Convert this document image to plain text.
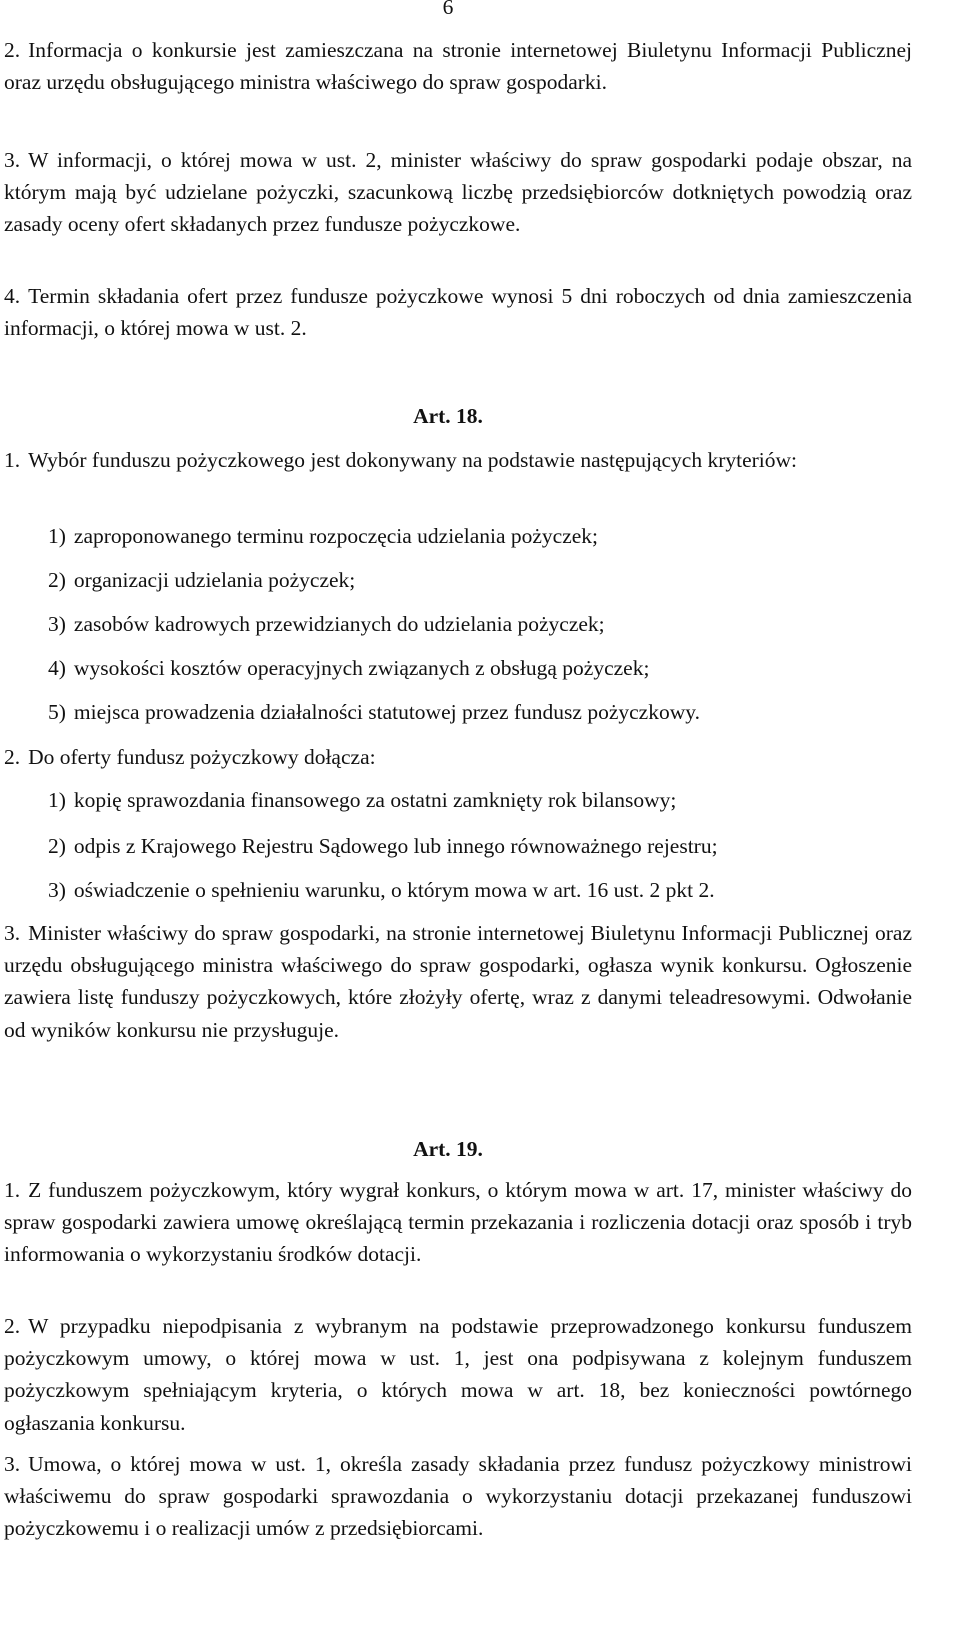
6
2. Informacja o konkursie jest zamieszczana na stronie internetowej Biuletynu Informacji Publicznej oraz urzędu obsługującego ministra właściwego do spraw gospodarki.
3. W informacji, o której mowa w ust. 2, minister właściwy do spraw gospodarki podaje obszar, na którym mają być udzielane pożyczki, szacunkową liczbę przedsiębiorców dotkniętych powodzią oraz zasady oceny ofert składanych przez fundusze pożyczkowe.
4. Termin składania ofert przez fundusze pożyczkowe wynosi 5 dni roboczych od dnia zamieszczenia informacji, o której mowa w ust. 2.
Art. 18.
1. Wybór funduszu pożyczkowego jest dokonywany na podstawie następujących kryteriów:
1) zaproponowanego terminu rozpoczęcia udzielania pożyczek;
2) organizacji udzielania pożyczek;
3) zasobów kadrowych przewidzianych do udzielania pożyczek;
4) wysokości kosztów operacyjnych związanych z obsługą pożyczek;
5) miejsca prowadzenia działalności statutowej przez fundusz pożyczkowy.
2. Do oferty fundusz pożyczkowy dołącza:
1) kopię sprawozdania finansowego za ostatni zamknięty rok bilansowy;
2) odpis z Krajowego Rejestru Sądowego lub innego równoważnego rejestru;
3) oświadczenie o spełnieniu warunku, o którym mowa w art. 16 ust. 2 pkt 2.
3. Minister właściwy do spraw gospodarki, na stronie internetowej Biuletynu Informacji Publicznej oraz urzędu obsługującego ministra właściwego do spraw gospodarki, ogłasza wynik konkursu. Ogłoszenie zawiera listę funduszy pożyczkowych, które złożyły ofertę, wraz z danymi teleadresowymi. Odwołanie od wyników konkursu nie przysługuje.
Art. 19.
1. Z funduszem pożyczkowym, który wygrał konkurs, o którym mowa w art. 17, minister właściwy do spraw gospodarki zawiera umowę określającą termin przekazania i rozliczenia dotacji oraz sposób i tryb informowania o wykorzystaniu środków dotacji.
2. W przypadku niepodpisania z wybranym na podstawie przeprowadzonego konkursu funduszem pożyczkowym umowy, o której mowa w ust. 1, jest ona podpisywana z kolejnym funduszem pożyczkowym spełniającym kryteria, o których mowa w art. 18, bez konieczności powtórnego ogłaszania konkursu.
3. Umowa, o której mowa w ust. 1, określa zasady składania przez fundusz pożyczkowy ministrowi właściwemu do spraw gospodarki sprawozdania o wykorzystaniu dotacji przekazanej funduszowi pożyczkowemu i o realizacji umów z przedsiębiorcami.
